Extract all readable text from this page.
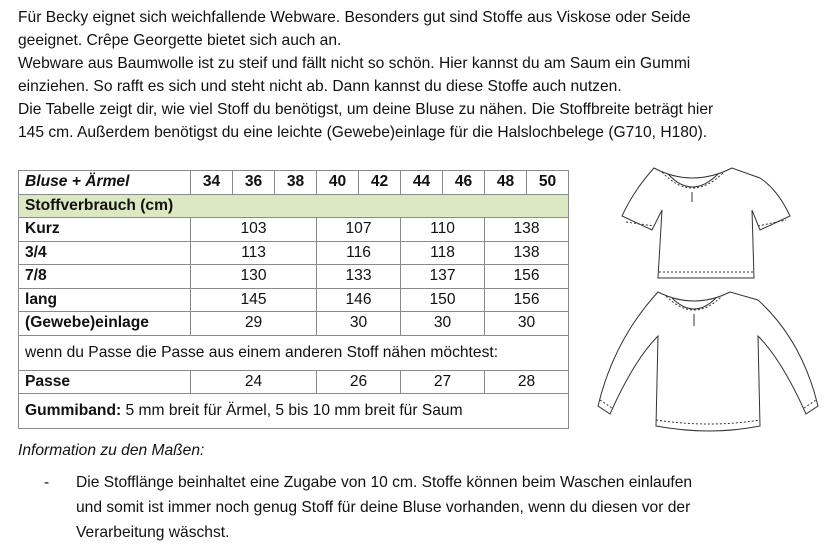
Für Becky eignet sich weichfallende Webware. Besonders gut sind Stoffe aus Viskose oder Seide

geeignet. Crêpe Georgette bietet sich auch an.

Webware aus Baumwolle ist zu steif und fällt nicht so schön. Hier kannst du am Saum ein Gummi

einziehen. So rafft es sich und steht nicht ab. Dann kannst du diese Stoffe auch nutzen.

Die Tabelle zeigt dir, wie viel Stoff du benötigst, um deine Bluse zu nähen. Die Stoffbreite beträgt hier

145 cm. Außerdem benötigst du eine leichte (Gewebe)einlage für die Halslochbelege (G710, H180).

Bluse + Ärmel	34	36	38	40	42	44	46	48	50
Stoffverbrauch (cm)									
Kurz	103			107		110		138	
3/4	113			116		118		138	
7/8	130			133		137		156	
lang	145			146		150		156	
(Gewebe)einlage	29			30		30		30	
wenn du Passe die Passe aus einem anderen Stoff nähen möchtest:									
Passe	24			26		27		28	
Gummiband: 5 mm breit für Ärmel, 5 bis 10 mm breit für Saum									
Information zu den Maßen:
- Die Stofflänge beinhaltet eine Zugabe von 10 cm. Stoffe können beim Waschen einlaufen
und somit ist immer noch genug Stoff für deine Bluse vorhanden, wenn du diesen vor der
Verarbeitung wäschst.
